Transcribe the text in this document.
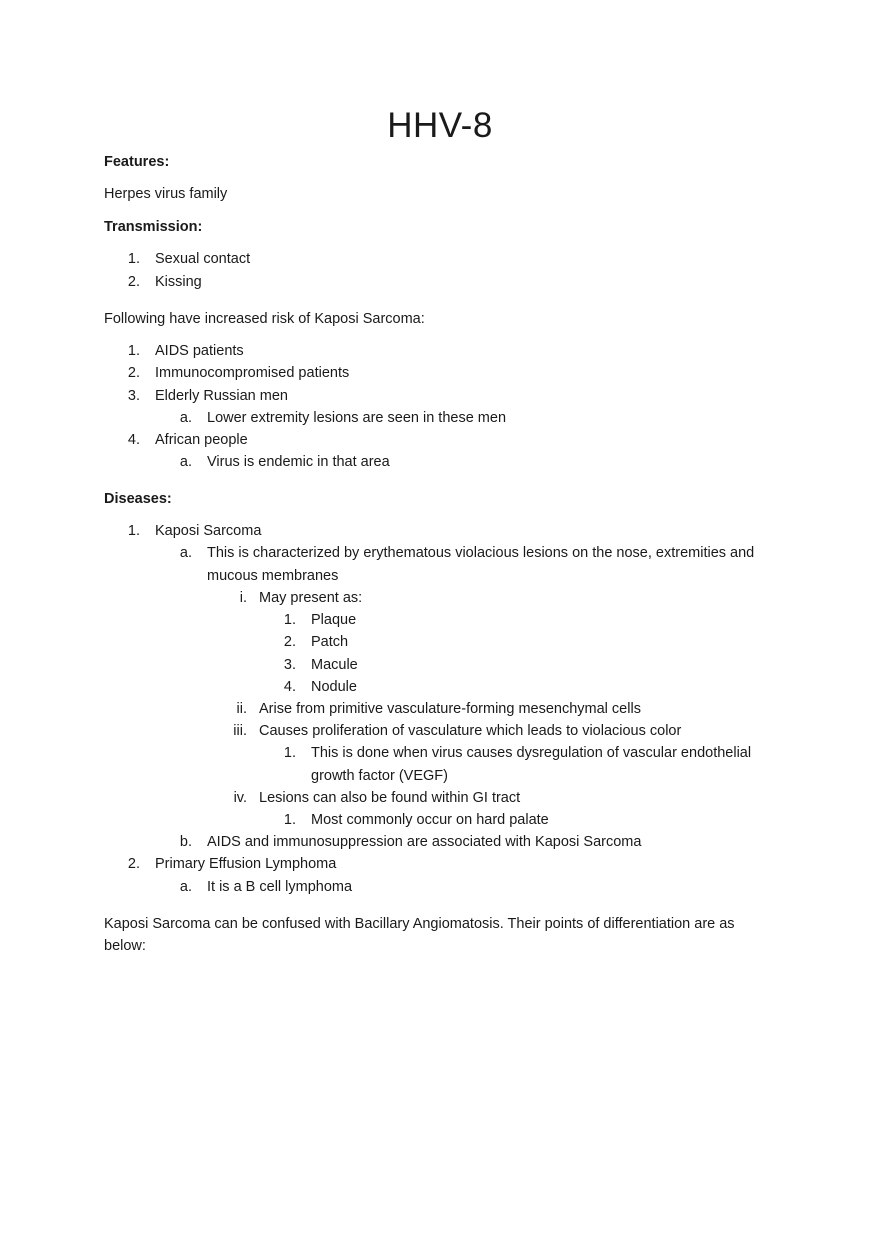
HHV-8
Features:
Herpes virus family
Transmission:
1. Sexual contact
2. Kissing
Following have increased risk of Kaposi Sarcoma:
1. AIDS patients
2. Immunocompromised patients
3. Elderly Russian men
a. Lower extremity lesions are seen in these men
4. African people
a. Virus is endemic in that area
Diseases:
1. Kaposi Sarcoma
a. This is characterized by erythematous violacious lesions on the nose, extremities and
mucous membranes
i. May present as:
1. Plaque
2. Patch
3. Macule
4. Nodule
ii. Arise from primitive vasculature-forming mesenchymal cells
iii. Causes proliferation of vasculature which leads to violacious color
1. This is done when virus causes dysregulation of vascular endothelial
growth factor (VEGF)
iv. Lesions can also be found within GI tract
1. Most commonly occur on hard palate
b. AIDS and immunosuppression are associated with Kaposi Sarcoma
2. Primary Effusion Lymphoma
a. It is a B cell lymphoma
Kaposi Sarcoma can be confused with Bacillary Angiomatosis. Their points of differentiation are as
below:
